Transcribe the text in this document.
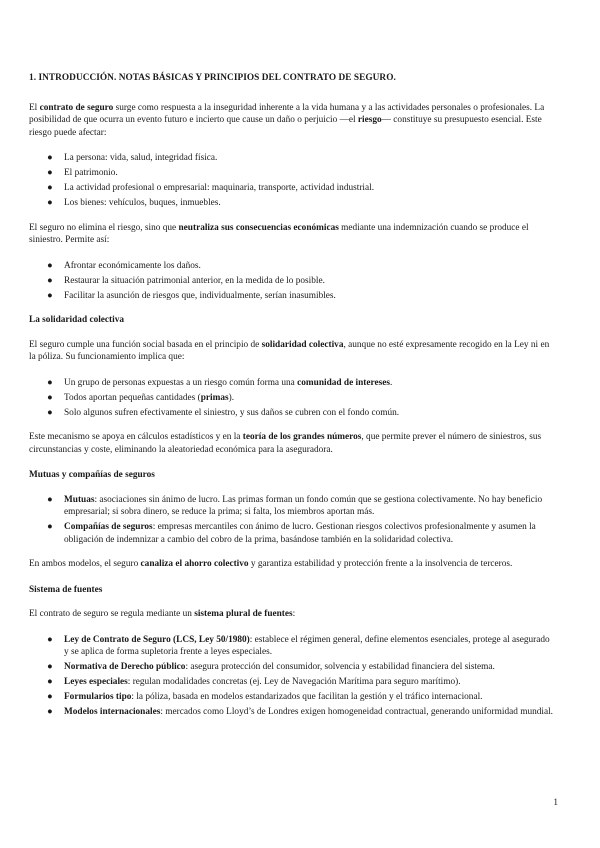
1. INTRODUCCIÓN. NOTAS BÁSICAS Y PRINCIPIOS DEL CONTRATO DE SEGURO.

El contrato de seguro surge como respuesta a la inseguridad inherente a la vida humana y a las actividades personales o profesionales. La posibilidad de que ocurra un evento futuro e incierto que cause un daño o perjuicio —el riesgo— constituye su presupuesto esencial. Este riesgo puede afectar:

● La persona: vida, salud, integridad física.
● El patrimonio.
● La actividad profesional o empresarial: maquinaria, transporte, actividad industrial.
● Los bienes: vehículos, buques, inmuebles.

El seguro no elimina el riesgo, sino que neutraliza sus consecuencias económicas mediante una indemnización cuando se produce el siniestro. Permite así:

● Afrontar económicamente los daños.
● Restaurar la situación patrimonial anterior, en la medida de lo posible.
● Facilitar la asunción de riesgos que, individualmente, serían inasumibles.
La solidaridad colectiva

El seguro cumple una función social basada en el principio de solidaridad colectiva, aunque no esté expresamente recogido en la Ley ni en la póliza. Su funcionamiento implica que:

● Un grupo de personas expuestas a un riesgo común forma una comunidad de intereses.
● Todos aportan pequeñas cantidades (primas).
● Solo algunos sufren efectivamente el siniestro, y sus daños se cubren con el fondo común.

Este mecanismo se apoya en cálculos estadísticos y en la teoría de los grandes números, que permite prever el número de siniestros, sus circunstancias y coste, eliminando la aleatoriedad económica para la aseguradora.

Mutuas y compañías de seguros
● Mutuas: asociaciones sin ánimo de lucro. Las primas forman un fondo común que se gestiona colectivamente. No hay beneficio empresarial; si sobra dinero, se reduce la prima; si falta, los miembros aportan más.
● Compañías de seguros: empresas mercantiles con ánimo de lucro. Gestionan riesgos colectivos profesionalmente y asumen la obligación de indemnizar a cambio del cobro de la prima, basándose también en la solidaridad colectiva.

En ambos modelos, el seguro canaliza el ahorro colectivo y garantiza estabilidad y protección frente a la insolvencia de terceros.

Sistema de fuentes

El contrato de seguro se regula mediante un sistema plural de fuentes:

● Ley de Contrato de Seguro (LCS, Ley 50/1980): establece el régimen general, define elementos esenciales, protege al asegurado y se aplica de forma supletoria frente a leyes especiales.
● Normativa de Derecho público: asegura protección del consumidor, solvencia y estabilidad financiera del sistema.
● Leyes especiales: regulan modalidades concretas (ej. Ley de Navegación Marítima para seguro marítimo).
● Formularios tipo: la póliza, basada en modelos estandarizados que facilitan la gestión y el tráfico internacional.
● Modelos internacionales: mercados como Lloyd’s de Londres exigen homogeneidad contractual, generando uniformidad mundial.
1
